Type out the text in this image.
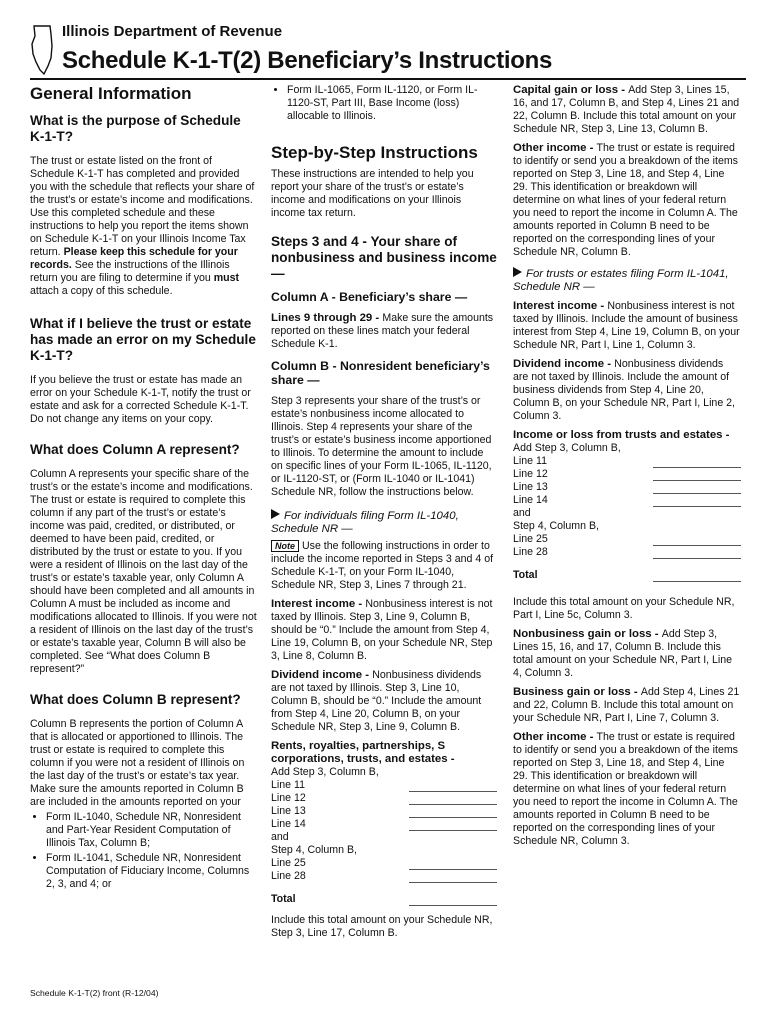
Illinois Department of Revenue
Schedule K-1-T(2) Beneficiary’s Instructions
General Information
What is the purpose of Schedule K-1-T?

The trust or estate listed on the front of Schedule K-1-T has completed and provided you with the schedule that reflects your share of the trust’s or estate’s income and modifications. Use this completed schedule and these instructions to help you report the items shown on Schedule K-1-T on your Illinois Income Tax return. Please keep this schedule for your records. See the instructions of the Illinois return you are filing to determine if you must attach a copy of this schedule.

What if I believe the trust or estate has made an error on my Schedule K-1-T?

If you believe the trust or estate has made an error on your Schedule K-1-T, notify the trust or estate and ask for a corrected Schedule K-1-T. Do not change any items on your copy.

What does Column A represent?

Column A represents your specific share of the trust’s or the estate’s income and modifications. The trust or estate is required to complete this column if any part of the trust’s or estate’s income was paid, credited, or distributed, or deemed to have been paid, credited, or distributed by the trust or estate to you. If you were a resident of Illinois on the last day of the trust’s or estate’s taxable year, only Column A should have been completed and all amounts in Column A must be included as income and modifications allocated to Illinois. If you were not a resident of Illinois on the last day of the trust’s or estate’s taxable year, Column B will also be completed. See “What does Column B represent?”

What does Column B represent?

Column B represents the portion of Column A that is allocated or apportioned to Illinois. The trust or estate is required to complete this column if you were not a resident of Illinois on the last day of the trust’s or estate’s tax year. Make sure the amounts reported in Column B are included in the amounts reported on your

• Form IL-1040, Schedule NR, Nonresident and Part-Year Resident Computation of Illinois Tax, Column B;
• Form IL-1041, Schedule NR, Nonresident Computation of Fiduciary Income, Columns 2, 3, and 4; or
• Form IL-1065, Form IL-1120, or Form IL-1120-ST, Part III, Base Income (loss) allocable to Illinois.
Step-by-Step Instructions

These instructions are intended to help you report your share of the trust’s or estate’s income and modifications on your Illinois income tax return.

Steps 3 and 4 - Your share of nonbusiness and business income —
Column A - Beneficiary’s share —

Lines 9 through 29 - Make sure the amounts reported on these lines match your federal Schedule K-1.

Column B - Nonresident beneficiary’s share —

Step 3 represents your share of the trust’s or estate’s nonbusiness income allocated to Illinois. Step 4 represents your share of the trust’s or estate’s business income apportioned to Illinois. To determine the amount to include on specific lines of your Form IL-1065, IL-1120, or IL-1120-ST, or (Form IL-1040 or IL-1041) Schedule NR, follow the instructions below.

For individuals filing Form IL-1040, Schedule NR —

Note Use the following instructions in order to include the income reported in Steps 3 and 4 of Schedule K-1-T, on your Form IL-1040, Schedule NR, Step 3, Lines 7 through 21.

Interest income - Nonbusiness interest is not taxed by Illinois. Step 3, Line 9, Column B, should be “0.” Include the amount from Step 4, Line 19, Column B, on your Schedule NR, Step 3, Line 8, Column B.

Dividend income - Nonbusiness dividends are not taxed by Illinois. Step 3, Line 10, Column B, should be “0.” Include the amount from Step 4, Line 20, Column B, on your Schedule NR, Step 3, Line 9, Column B.

Rents, royalties, partnerships, S corporations, trusts, and estates -

Add Step 3, Column B,
Line 11
Line 12
Line 13
Line 14
and
Step 4, Column B,
Line 25
Line 28
Total

Include this total amount on your Schedule NR, Step 3, Line 17, Column B.

Capital gain or loss - Add Step 3, Lines 15, 16, and 17, Column B, and Step 4, Lines 21 and 22, Column B. Include this total amount on your Schedule NR, Step 3, Line 13, Column B.

Other income - The trust or estate is required to identify or send you a breakdown of the items reported on Step 3, Line 18, and Step 4, Line 29. This identification or breakdown will determine on what lines of your federal return you need to report the income in Column A. The amounts reported in Column B need to be reported on the corresponding lines of your Schedule NR, Column B.

For trusts or estates filing Form IL-1041, Schedule NR —

Interest income - Nonbusiness interest is not taxed by Illinois. Include the amount of business interest from Step 4, Line 19, Column B, on your Schedule NR, Part I, Line 1, Column 3.

Dividend income - Nonbusiness dividends are not taxed by Illinois. Include the amount of business dividends from Step 4, Line 20, Column B, on your Schedule NR, Part I, Line 2, Column 3.

Income or loss from trusts and estates -

Add Step 3, Column B,
Line 11
Line 12
Line 13
Line 14
and
Step 4, Column B,
Line 25
Line 28
Total

Include this total amount on your Schedule NR, Part I, Line 5c, Column 3.

Nonbusiness gain or loss - Add Step 3, Lines 15, 16, and 17, Column B. Include this total amount on your Schedule NR, Part I, Line 4, Column 3.

Business gain or loss - Add Step 4, Lines 21 and 22, Column B. Include this total amount on your Schedule NR, Part I, Line 7, Column 3.

Other income - The trust or estate is required to identify or send you a breakdown of the items reported on Step 3, Line 18, and Step 4, Line 29. This identification or breakdown will determine on what lines of your federal return you need to report the income in Column A. The amounts reported in Column B need to be reported on the corresponding lines of your Schedule NR, Column 3.

Schedule K-1-T(2) front (R-12/04)
